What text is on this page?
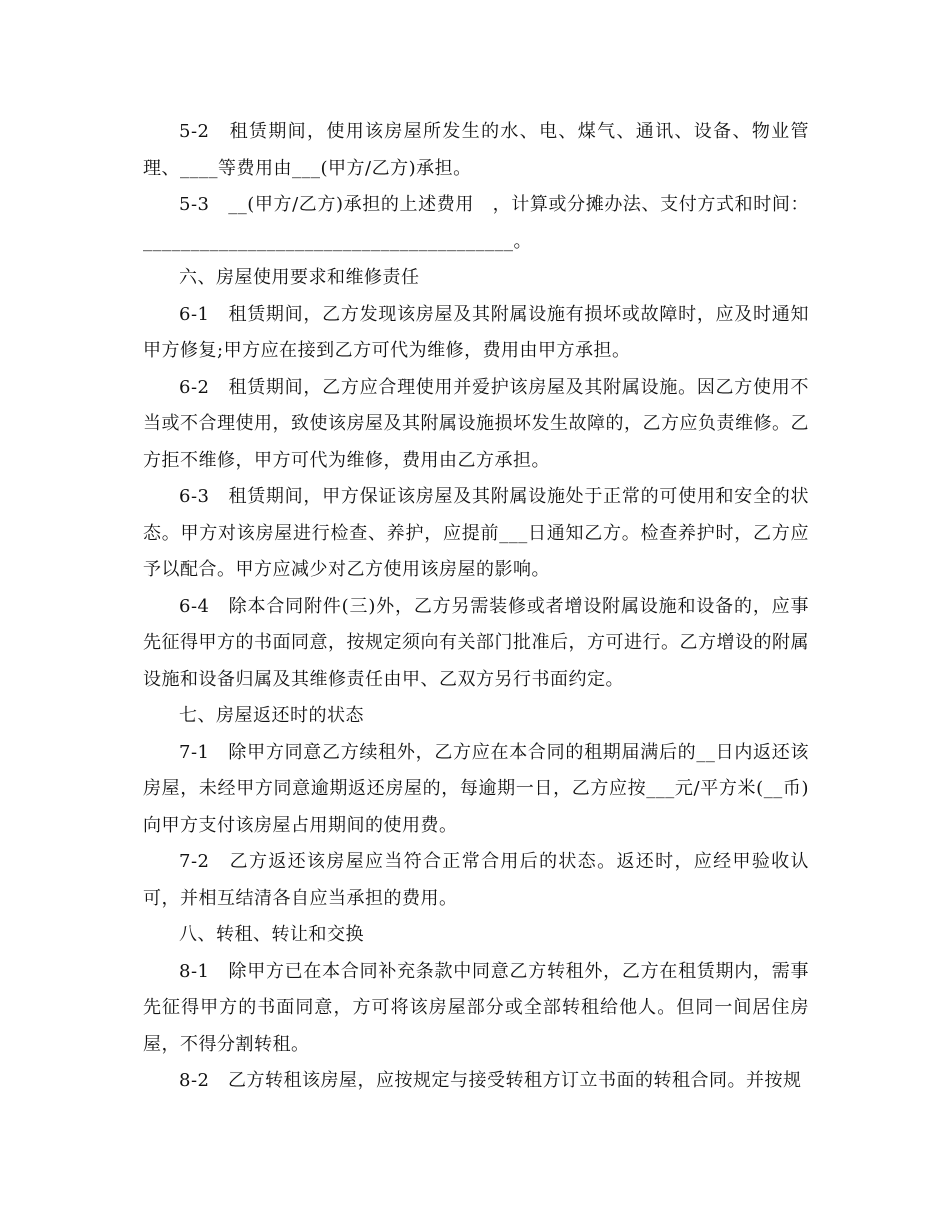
5-2　租赁期间，使用该房屋所发生的水、电、煤气、通讯、设备、物业管理、____等费用由___(甲方/乙方)承担。

5-3　__(甲方/乙方)承担的上述费用　，计算或分摊办法、支付方式和时间：_______________________________________。

六、房屋使用要求和维修责任

6-1　租赁期间，乙方发现该房屋及其附属设施有损坏或故障时，应及时通知甲方修复;甲方应在接到乙方可代为维修，费用由甲方承担。

6-2　租赁期间，乙方应合理使用并爱护该房屋及其附属设施。因乙方使用不当或不合理使用，致使该房屋及其附属设施损坏发生故障的，乙方应负责维修。乙方拒不维修，甲方可代为维修，费用由乙方承担。

6-3　租赁期间，甲方保证该房屋及其附属设施处于正常的可使用和安全的状态。甲方对该房屋进行检查、养护，应提前___日通知乙方。检查养护时，乙方应予以配合。甲方应减少对乙方使用该房屋的影响。

6-4　除本合同附件(三)外，乙方另需装修或者增设附属设施和设备的，应事先征得甲方的书面同意，按规定须向有关部门批准后，方可进行。乙方增设的附属设施和设备归属及其维修责任由甲、乙双方另行书面约定。

七、房屋返还时的状态

7-1　除甲方同意乙方续租外，乙方应在本合同的租期届满后的__日内返还该房屋，未经甲方同意逾期返还房屋的，每逾期一日，乙方应按___元/平方米(__币)向甲方支付该房屋占用期间的使用费。

7-2　乙方返还该房屋应当符合正常合用后的状态。返还时，应经甲验收认可，并相互结清各自应当承担的费用。

八、转租、转让和交换

8-1　除甲方已在本合同补充条款中同意乙方转租外，乙方在租赁期内，需事先征得甲方的书面同意，方可将该房屋部分或全部转租给他人。但同一间居住房屋，不得分割转租。

8-2　乙方转租该房屋，应按规定与接受转租方订立书面的转租合同。并按规
